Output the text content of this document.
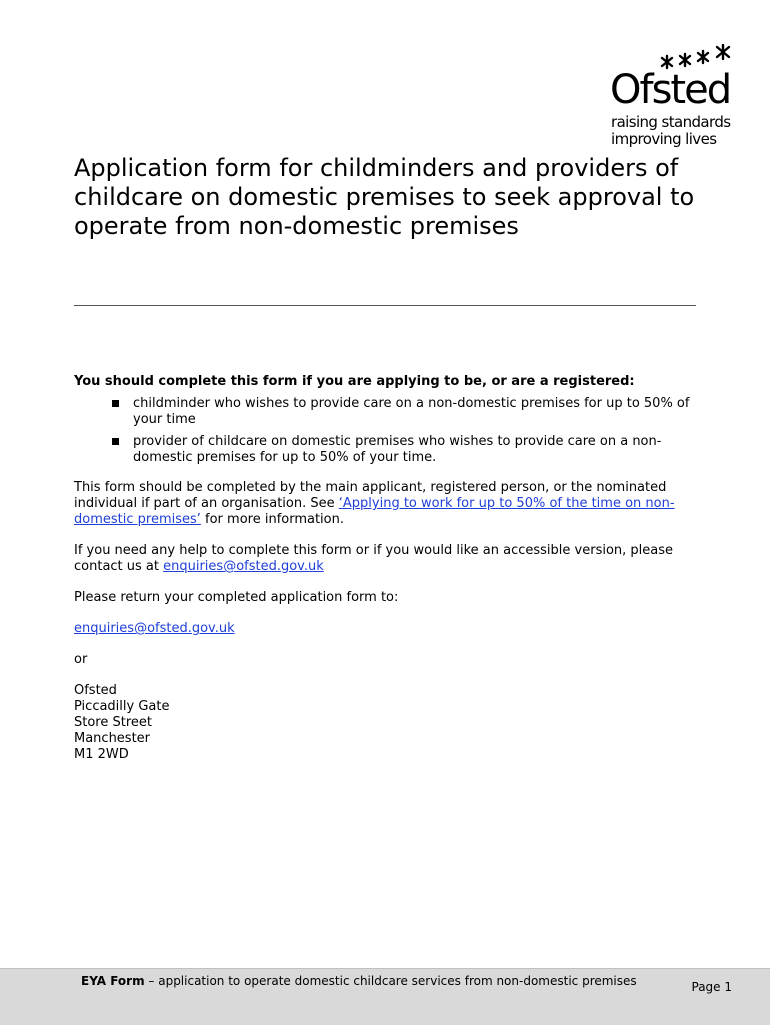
Ofsted
raising standards
improving lives
Application form for childminders and providers of childcare on domestic premises to seek approval to operate from non-domestic premises

You should complete this form if you are applying to be, or are a registered:

childminder who wishes to provide care on a non-domestic premises for up to 50% of your time
provider of childcare on domestic premises who wishes to provide care on a non-domestic premises for up to 50% of your time.

This form should be completed by the main applicant, registered person, or the nominated individual if part of an organisation. See ‘Applying to work for up to 50% of the time on non-domestic premises’ for more information.

If you need any help to complete this form or if you would like an accessible version, please contact us at enquiries@ofsted.gov.uk

Please return your completed application form to:

enquiries@ofsted.gov.uk

or

Ofsted
Piccadilly Gate
Store Street
Manchester
M1 2WD
EYA Form – application to operate domestic childcare services from non-domestic premises	Page 1
